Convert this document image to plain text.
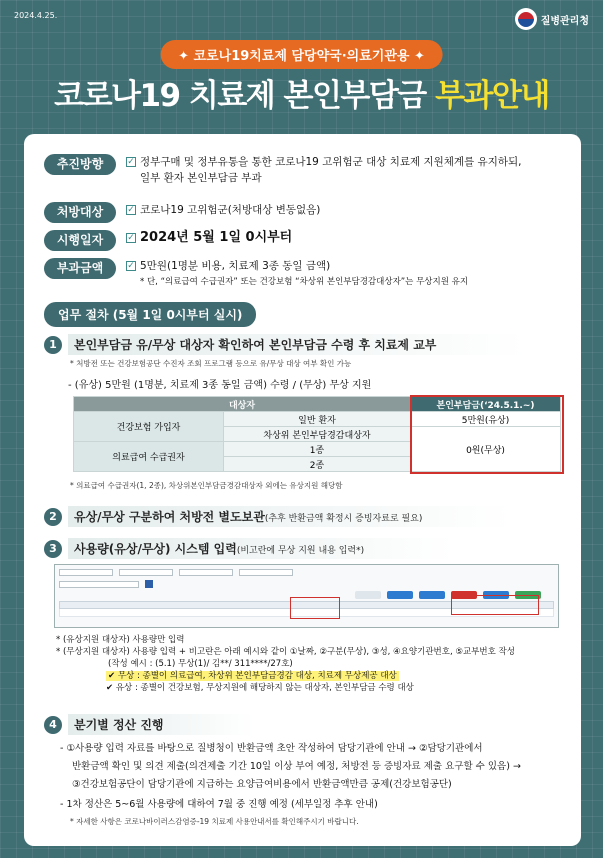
2024.4.25.	질병관리청
✦ 코로나19치료제 담당약국·의료기관용 ✦
코로나19 치료제 본인부담금 부과안내
추진방향	✓ 정부구매 및 정부유통을 통한 코로나19 고위험군 대상 치료제 지원체계를 유지하되,
일부 환자 본인부담금 부과
처방대상	✓ 코로나19 고위험군(처방대상 변동없음)
시행일자	✓ 2024년 5월 1일 0시부터
부과금액	✓ 5만원(1명분 비용, 치료제 3종 동일 금액)
* 단, “의료급여 수급권자” 또는 건강보험 “차상위 본인부담경감대상자”는 무상지원 유지
업무 절차 (5월 1일 0시부터 실시)
1	본인부담금 유/무상 대상자 확인하여 본인부담금 수령 후 치료제 교부
* 처방전 또는 건강보험공단 수진자 조회 프로그램 등으로 유/무상 대상 여부 확인 가능
- (유상) 5만원 (1명분, 치료제 3종 동일 금액) 수령 / (무상) 무상 지원
대상자		본인부담금(‘24.5.1.~)
건강보험 가입자	일반 환자	5만원(유상)
	차상위 본인부담경감대상자	0원(무상)
의료급여 수급권자	1종	
	2종	
* 의료급여 수급권자(1, 2종), 차상위본인부담금경감대상자 외에는 유상지원 해당함
2	유상/무상 구분하여 처방전 별도보관(추후 반환금액 확정시 증빙자료로 필요)
3	사용량(유상/무상) 시스템 입력(비고란에 무상 지원 내용 입력*)
* (유상지원 대상자) 사용량만 입력
* (무상지원 대상자) 사용량 입력 + 비고란은 아래 예시와 같이 ①날짜, ②구분(무상), ③성, ④요양기관번호, ⑤교부번호 작성
(작성 예시 : (5.1) 무상(1)/ 김**/ 311****/27호)
✔ 무상 : 종별이 의료급여, 차상위 본인부담금경감 대상, 치료제 무상제공 대상
✔ 유상 : 종별이 건강보험, 무상지원에 해당하지 않는 대상자, 본인부담금 수령 대상
4	분기별 정산 진행
- ①사용량 입력 자료를 바탕으로 질병청이 반환금액 초안 작성하여 담당기관에 안내 → ②담당기관에서
반환금액 확인 및 의견 제출(의견제출 기간 10일 이상 부여 예정, 처방전 등 증빙자료 제출 요구할 수 있음) →
③건강보험공단이 담당기관에 지급하는 요양급여비용에서 반환금액만큼 공제(건강보험공단)
- 1차 정산은 5~6월 사용량에 대하여 7월 중 진행 예정 (세부일정 추후 안내)
* 자세한 사항은 코로나바이러스감염증-19 치료제 사용안내서를 확인해주시기 바랍니다.
